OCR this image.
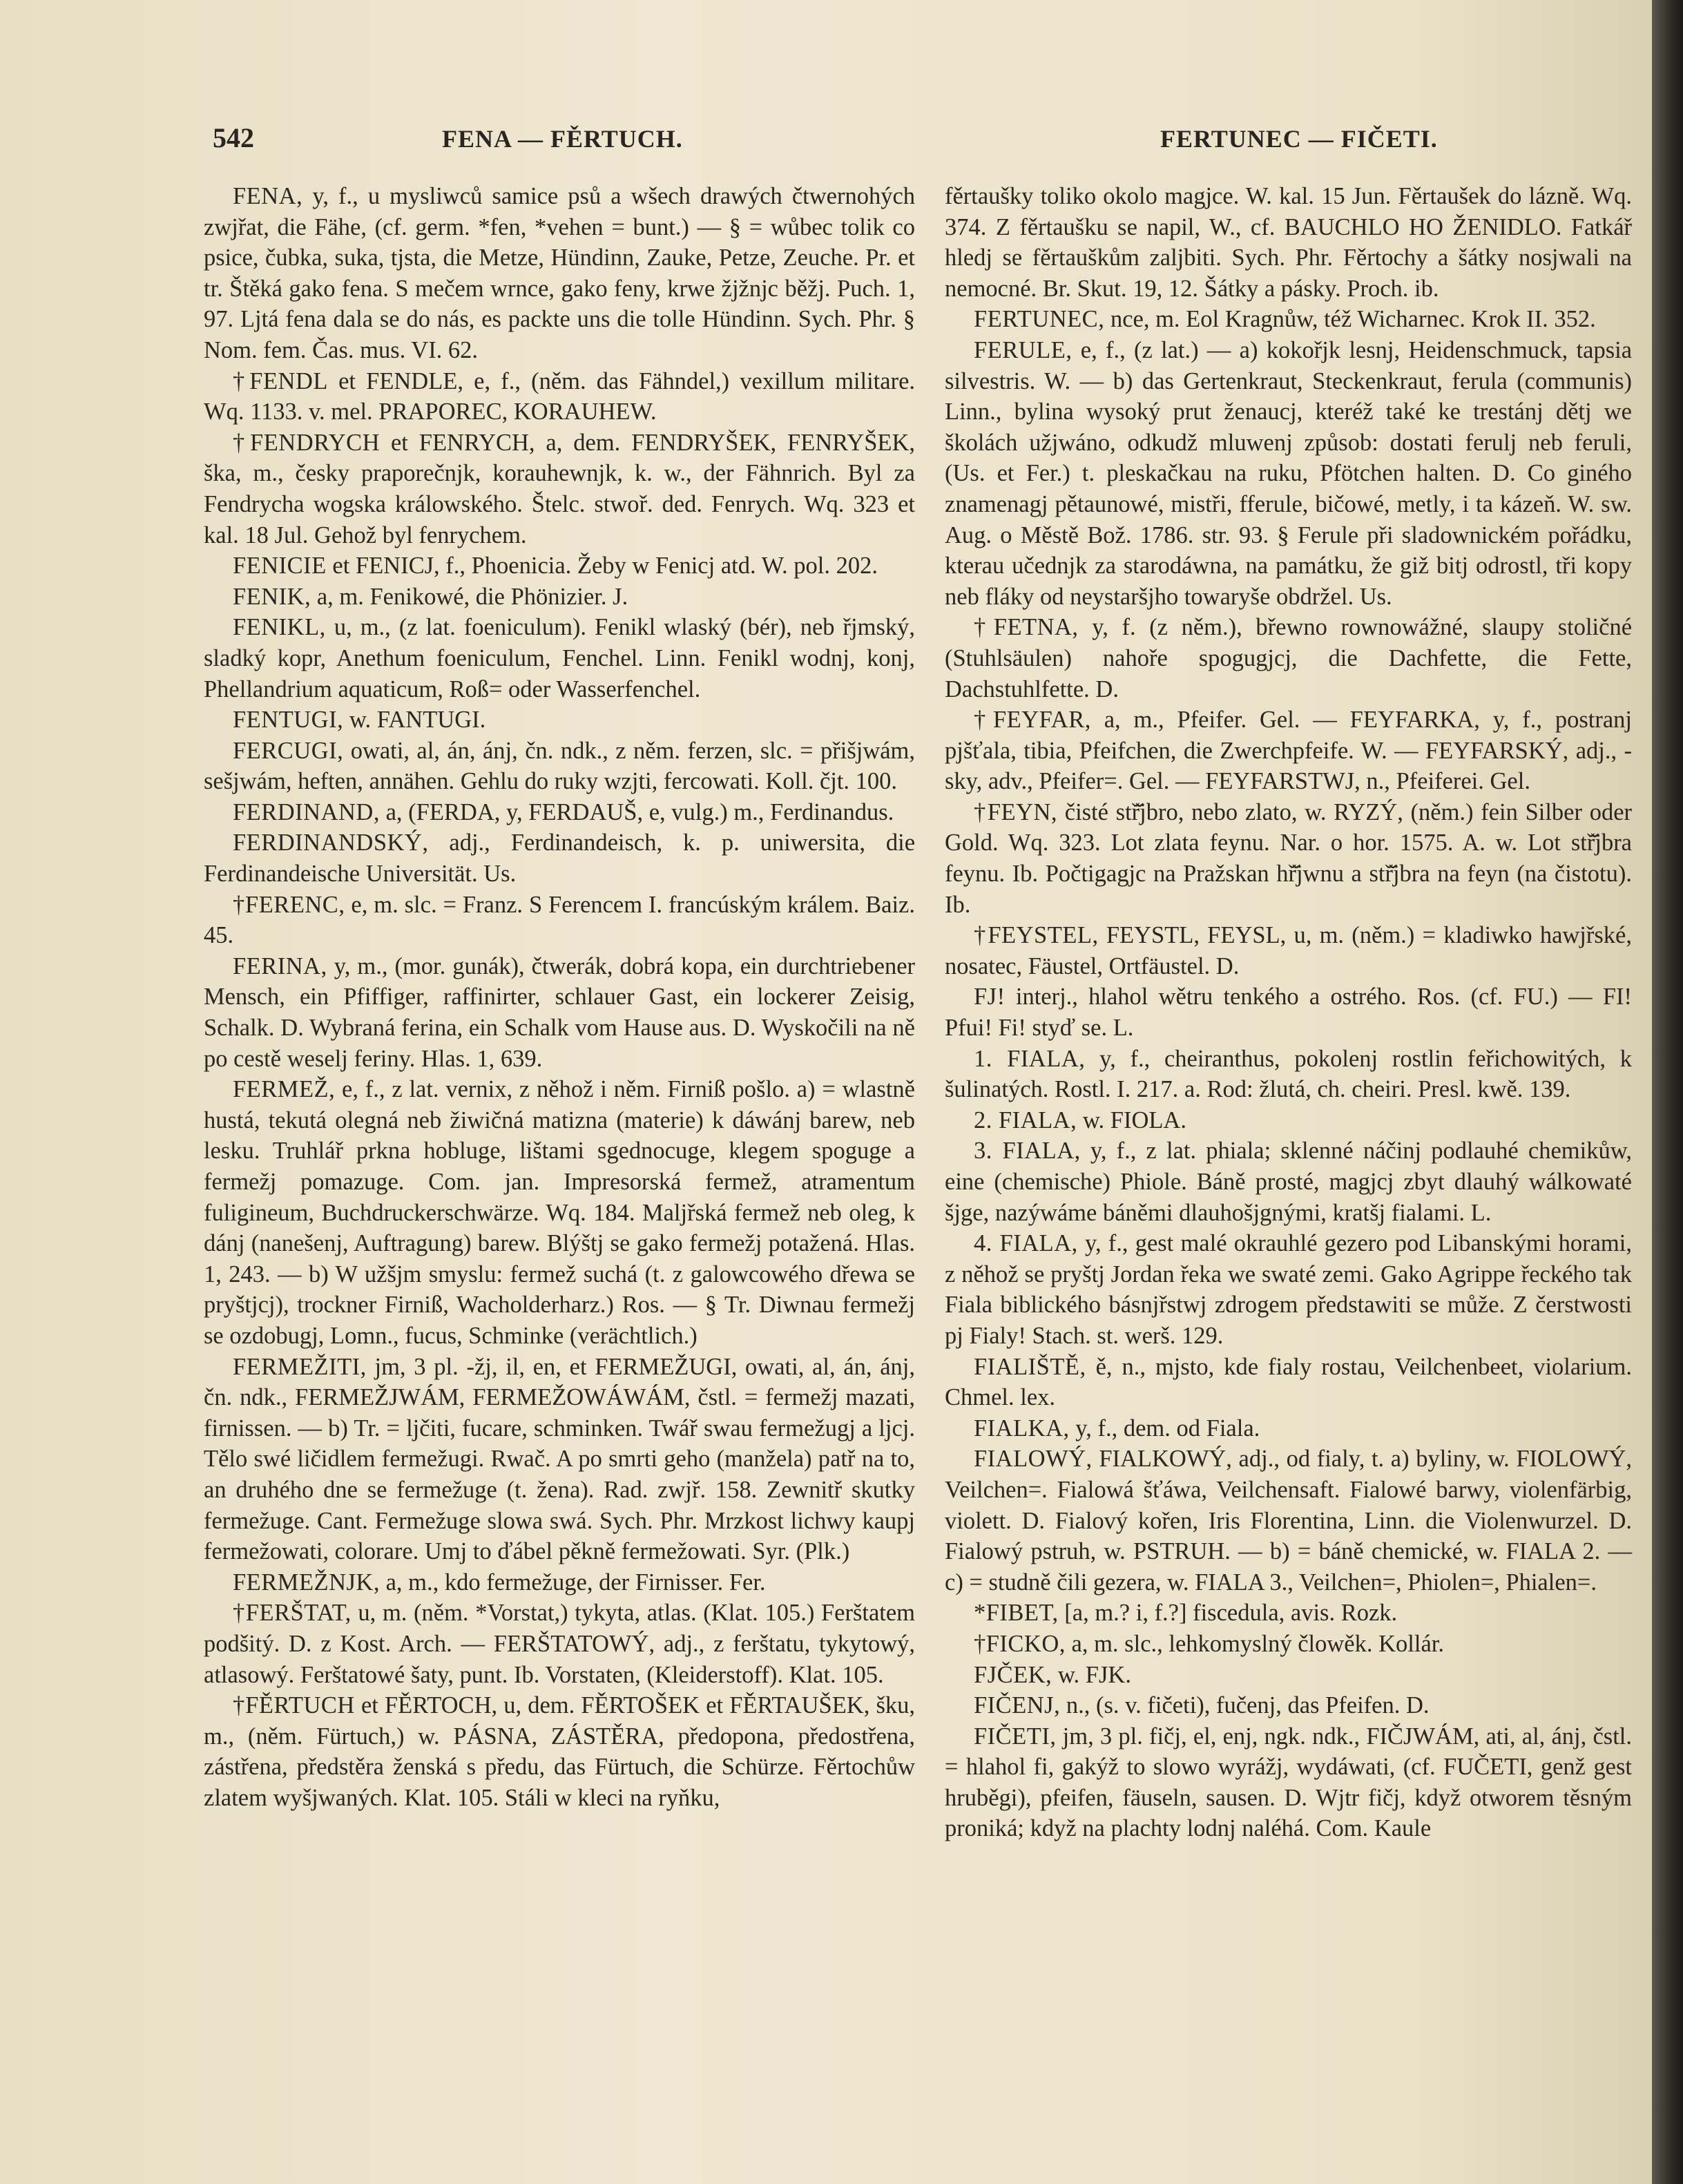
542	FENA — FĚRTUCH.	FERTUNEC — FIČETI.

FENA, y, f., u mysliwců samice psů a wšech drawých čtwernohých zwjřat, die Fähe, (cf. germ. *fen, *vehen = bunt.) — § = wůbec tolik co psice, čubka, suka, tjsta, die Metze, Hündinn, Zauke, Petze, Zeuche. Pr. et tr. Štěká gako fena. S mečem wrnce, gako feny, krwe žjžnjc běžj. Puch. 1, 97. Ljtá fena dala se do nás, es packte uns die tolle Hündinn. Sych. Phr. § Nom. fem. Čas. mus. VI. 62.

†FENDL et FENDLE, e, f., (něm. das Fähndel,) vexillum militare. Wq. 1133. v. mel. PRAPOREC, KORAUHEW.

†FENDRYCH et FENRYCH, a, dem. FENDRYŠEK, FENRYŠEK, ška, m., česky praporečnjk, korauhewnjk, k. w., der Fähnrich. Byl za Fendrycha wogska králowského. Štelc. stwoř. ded. Fenrych. Wq. 323 et kal. 18 Jul. Gehož byl fenrychem.

FENICIE et FENICJ, f., Phoenicia. Žeby w Fenicj atd. W. pol. 202.

FENIK, a, m. Fenikowé, die Phönizier. J.

FENIKL, u, m., (z lat. foeniculum). Fenikl wlaský (bér), neb řjmský, sladký kopr, Anethum foeniculum, Fenchel. Linn. Fenikl wodnj, konj, Phellandrium aquaticum, Roß= oder Wasserfenchel.

FENTUGI, w. FANTUGI.

FERCUGI, owati, al, án, ánj, čn. ndk., z něm. ferzen, slc. = přišjwám, sešjwám, heften, annähen. Gehlu do ruky wzjti, fercowati. Koll. čjt. 100.

FERDINAND, a, (FERDA, y, FERDAUŠ, e, vulg.) m., Ferdinandus.

FERDINANDSKÝ, adj., Ferdinandeisch, k. p. uniwersita, die Ferdinandeische Universität. Us.

†FERENC, e, m. slc. = Franz. S Ferencem I. francúským králem. Baiz. 45.

FERINA, y, m., (mor. gunák), čtwerák, dobrá kopa, ein durchtriebener Mensch, ein Pfiffiger, raffinirter, schlauer Gast, ein lockerer Zeisig, Schalk. D. Wybraná ferina, ein Schalk vom Hause aus. D. Wyskočili na ně po cestě weselj feriny. Hlas. 1, 639.

FERMEŽ, e, f., z lat. vernix, z něhož i něm. Firniß pošlo. a) = wlastně hustá, tekutá olegná neb žiwičná matizna (materie) k dáwánj barew, neb lesku. Truhlář prkna hobluge, lištami sgednocuge, klegem spoguge a fermežj pomazuge. Com. jan. Impresorská fermež, atramentum fuligineum, Buchdruckerschwärze. Wq. 184. Maljřská fermež neb oleg, k dánj (nanešenj, Auftragung) barew. Blýštj se gako fermežj potažená. Hlas. 1, 243. — b) W užšjm smyslu: fermež suchá (t. z galowcowého dřewa se pryštjcj), trockner Firniß, Wacholderharz.) Ros. — § Tr. Diwnau fermežj se ozdobugj, Lomn., fucus, Schminke (verächtlich.)

FERMEŽITI, jm, 3 pl. -žj, il, en, et FERMEŽUGI, owati, al, án, ánj, čn. ndk., FERMEŽJWÁM, FERMEŽOWÁWÁM, čstl. = fermežj mazati, firnissen. — b) Tr. = ljčiti, fucare, schminken. Twář swau fermežugj a ljcj. Tělo swé ličidlem fermežugi. Rwač. A po smrti geho (manžela) patř na to, an druhého dne se fermežuge (t. žena). Rad. zwjř. 158. Zewnitř skutky fermežuge. Cant. Fermežuge slowa swá. Sych. Phr. Mrzkost lichwy kaupj fermežowati, colorare. Umj to ďábel pěkně fermežowati. Syr. (Plk.)

FERMEŽNJK, a, m., kdo fermežuge, der Firnisser. Fer.

†FERŠTAT, u, m. (něm. *Vorstat,) tykyta, atlas. (Klat. 105.) Ferštatem podšitý. D. z Kost. Arch. — FERŠTATOWÝ, adj., z ferštatu, tykytowý, atlasowý. Ferštatowé šaty, punt. Ib. Vorstaten, (Kleiderstoff). Klat. 105.

†FĚRTUCH et FĚRTOCH, u, dem. FĚRTOŠEK et FĚRTAUŠEK, šku, m., (něm. Fürtuch,) w. PÁSNA, ZÁSTĚRA, předopona, předostřena, zástřena, předstěra ženská s předu, das Fürtuch, die Schürze. Fěrtochůw zlatem wyšjwaných. Klat. 105. Stáli w kleci na ryňku,

fěrtaušky toliko okolo magjce. W. kal. 15 Jun. Fěrtaušek do lázně. Wq. 374. Z fěrtaušku se napil, W., cf. BAUCHLO HO ŽENIDLO. Fatkář hledj se fěrtauškům zaljbiti. Sych. Phr. Fěrtochy a šátky nosjwali na nemocné. Br. Skut. 19, 12. Šátky a pásky. Proch. ib.

FERTUNEC, nce, m. Eol Kragnůw, též Wicharnec. Krok II. 352.

FERULE, e, f., (z lat.) — a) kokořjk lesnj, Heidenschmuck, tapsia silvestris. W. — b) das Gertenkraut, Steckenkraut, ferula (communis) Linn., bylina wysoký prut ženaucj, kteréž také ke trestánj dětj we školách užjwáno, odkudž mluwenj způsob: dostati ferulj neb feruli, (Us. et Fer.) t. pleskačkau na ruku, Pfötchen halten. D. Co giného znamenagj pětaunowé, mistři, fferule, bičowé, metly, i ta kázeň. W. sw. Aug. o Městě Bož. 1786. str. 93. § Ferule při sladownickém pořádku, kterau učednjk za starodáwna, na památku, že giž bitj odrostl, tři kopy neb fláky od neystaršjho towaryše obdržel. Us.

†FETNA, y, f. (z něm.), břewno rownowážné, slaupy stoličné (Stuhlsäulen) nahoře spogugjcj, die Dachfette, die Fette, Dachstuhlfette. D.

†FEYFAR, a, m., Pfeifer. Gel. — FEYFARKA, y, f., postranj pjšťala, tibia, Pfeifchen, die Zwerchpfeife. W. — FEYFARSKÝ, adj., -sky, adv., Pfeifer=. Gel. — FEYFARSTWJ, n., Pfeiferei. Gel.

†FEYN, čisté stř̌jbro, nebo zlato, w. RYZÝ, (něm.) fein Silber oder Gold. Wq. 323. Lot zlata feynu. Nar. o hor. 1575. A. w. Lot stř̌jbra feynu. Ib. Počtigagjc na Pražskan hř̌jwnu a stř̌jbra na feyn (na čistotu). Ib.

†FEYSTEL, FEYSTL, FEYSL, u, m. (něm.) = kladiwko hawjřské, nosatec, Fäustel, Ortfäustel. D.

FJ! interj., hlahol wětru tenkého a ostrého. Ros. (cf. FU.) — FI! Pfui! Fi! styď se. L.

1. FIALA, y, f., cheiranthus, pokolenj rostlin feřichowitých, k šulinatých. Rostl. I. 217. a. Rod: žlutá, ch. cheiri. Presl. kwě. 139.

2. FIALA, w. FIOLA.

3. FIALA, y, f., z lat. phiala; sklenné náčinj podlauhé chemikůw, eine (chemische) Phiole. Báně prosté, magjcj zbyt dlauhý wálkowaté šjge, nazýwáme báněmi dlauhošjgnými, kratšj fialami. L.

4. FIALA, y, f., gest malé okrauhlé gezero pod Libanskými horami, z něhož se pryštj Jordan řeka we swaté zemi. Gako Agrippe řeckého tak Fiala biblického básnjřstwj zdrogem předstawiti se může. Z čerstwosti pj Fialy! Stach. st. werš. 129.

FIALIŠTĚ, ě, n., mjsto, kde fialy rostau, Veilchenbeet, violarium. Chmel. lex.

FIALKA, y, f., dem. od Fiala.

FIALOWÝ, FIALKOWÝ, adj., od fialy, t. a) byliny, w. FIOLOWÝ, Veilchen=. Fialowá šťáwa, Veilchensaft. Fialowé barwy, violenfärbig, violett. D. Fialový kořen, Iris Florentina, Linn. die Violenwurzel. D. Fialowý pstruh, w. PSTRUH. — b) = báně chemické, w. FIALA 2. — c) = studně čili gezera, w. FIALA 3., Veilchen=, Phiolen=, Phialen=.

*FIBET, [a, m.? i, f.?] fiscedula, avis. Rozk.

†FICKO, a, m. slc., lehkomyslný člowěk. Kollár.

FJČEK, w. FJK.

FIČENJ, n., (s. v. fičeti), fučenj, das Pfeifen. D.

FIČETI, jm, 3 pl. fičj, el, enj, ngk. ndk., FIČJWÁM, ati, al, ánj, čstl. = hlahol fi, gakýž to slowo wyrážj, wydáwati, (cf. FUČETI, genž gest hruběgi), pfeifen, fäuseln, sausen. D. Wjtr fičj, když otworem těsným proniká; když na plachty lodnj naléhá. Com. Kaule
